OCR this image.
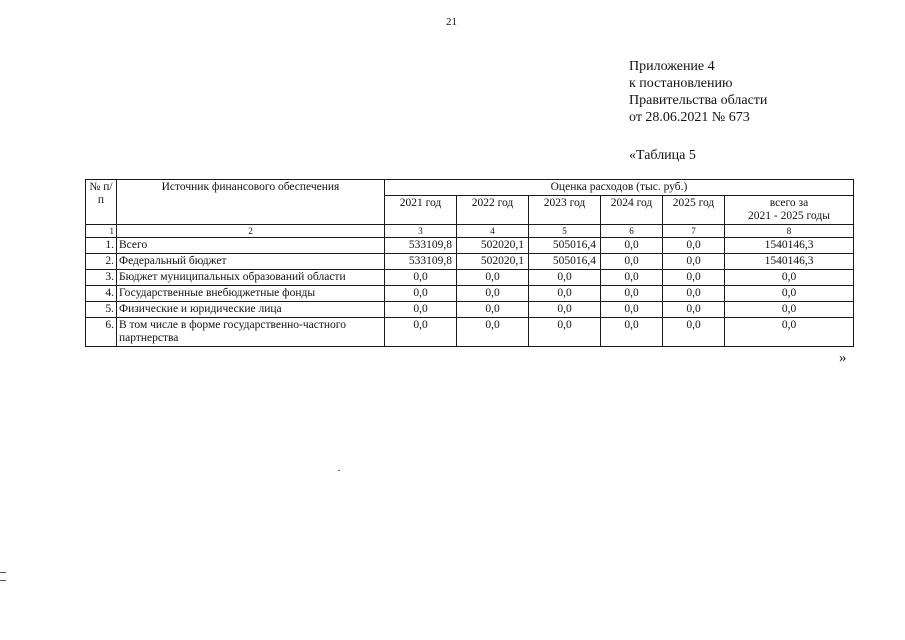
21
Приложение 4
к постановлению
Правительства области
от 28.06.2021 № 673
«Таблица 5
№ п/п	Источник финансового обеспечения	Оценка расходов (тыс. руб.)					
		2021 год	2022 год	2023 год	2024 год	2025 год	всего за
2021 - 2025 годы

1	2	3	4	5	6	7	8
1.	Всего	533109,8	502020,1	505016,4	0,0	0,0	1540146,3
2.	Федеральный бюджет	533109,8	502020,1	505016,4	0,0	0,0	1540146,3
3.	Бюджет муниципальных образований области	0,0	0,0	0,0	0,0	0,0	0,0
4.	Государственные внебюджетные фонды	0,0	0,0	0,0	0,0	0,0	0,0
5.	Физические и юридические лица	0,0	0,0	0,0	0,0	0,0	0,0
6.	В том числе в форме государственно-частного партнерства	0,0	0,0	0,0	0,0	0,0	0,0
»
